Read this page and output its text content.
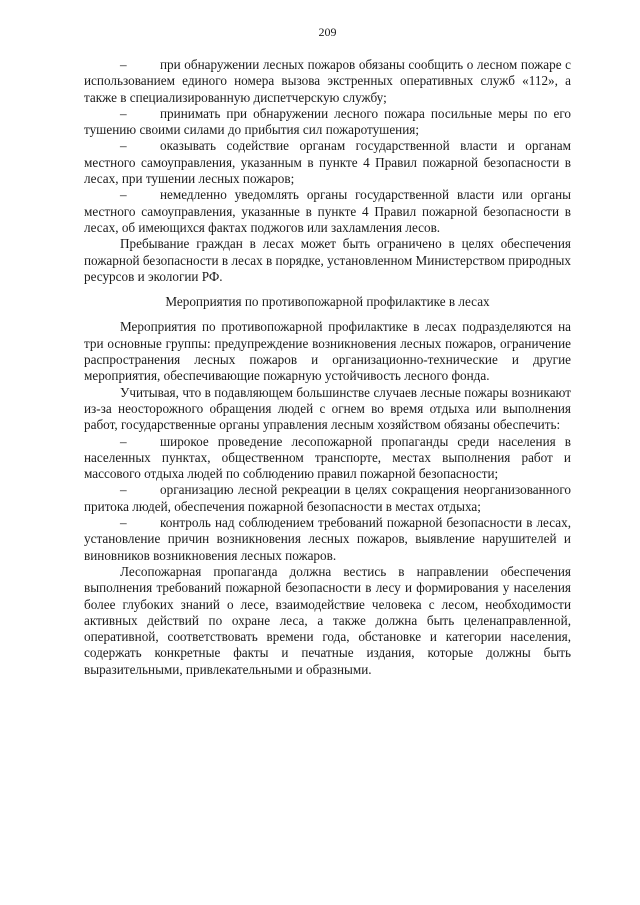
209

–	при обнаружении лесных пожаров обязаны сообщить о лесном пожаре с использованием единого номера вызова экстренных оперативных служб «112», а также в специализированную диспетчерскую службу;

–	принимать при обнаружении лесного пожара посильные меры по его тушению своими силами до прибытия сил пожаротушения;

–	оказывать содействие органам государственной власти и органам местного самоуправления, указанным в пункте 4 Правил пожарной безопасности в лесах, при тушении лесных пожаров;

–	немедленно уведомлять органы государственной власти или органы местного самоуправления, указанные в пункте 4 Правил пожарной безопасности в лесах, об имеющихся фактах поджогов или захламления лесов.

Пребывание граждан в лесах может быть ограничено в целях обеспечения пожарной безопасности в лесах в порядке, установленном Министерством природных ресурсов и экологии РФ.

Мероприятия по противопожарной профилактике в лесах

Мероприятия по противопожарной профилактике в лесах подразделяются на три основные группы: предупреждение возникновения лесных пожаров, ограничение распространения лесных пожаров и организационно-технические и другие мероприятия, обеспечивающие пожарную устойчивость лесного фонда.

Учитывая, что в подавляющем большинстве случаев лесные пожары возникают из-за неосторожного обращения людей с огнем во время отдыха или выполнения работ, государственные органы управления лесным хозяйством обязаны обеспечить:

–	широкое проведение лесопожарной пропаганды среди населения в населенных пунктах, общественном транспорте, местах выполнения работ и массового отдыха людей по соблюдению правил пожарной безопасности;

–	организацию лесной рекреации в целях сокращения неорганизованного притока людей, обеспечения пожарной безопасности в местах отдыха;

–	контроль над соблюдением требований пожарной безопасности в лесах, установление причин возникновения лесных пожаров, выявление нарушителей и виновников возникновения лесных пожаров.

Лесопожарная пропаганда должна вестись в направлении обеспечения выполнения требований пожарной безопасности в лесу и формирования у населения более глубоких знаний о лесе, взаимодействие человека с лесом, необходимости активных действий по охране леса, а также должна быть целенаправленной, оперативной, соответствовать времени года, обстановке и категории населения, содержать конкретные факты и печатные издания, которые должны быть выразительными, привлекательными и образными.
